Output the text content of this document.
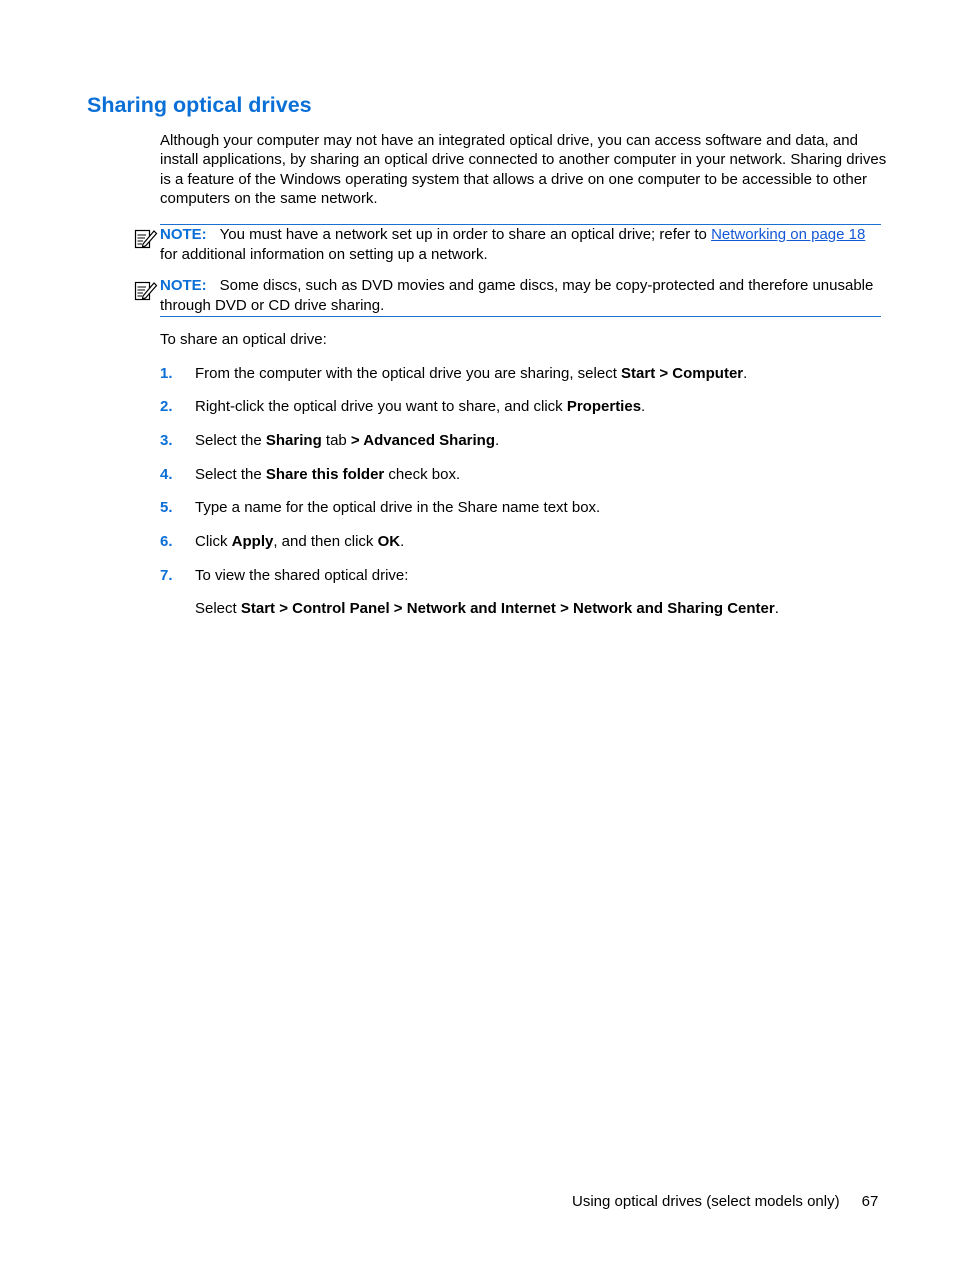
Sharing optical drives

Although your computer may not have an integrated optical drive, you can access software and data, and install applications, by sharing an optical drive connected to another computer in your network. Sharing drives is a feature of the Windows operating system that allows a drive on one computer to be accessible to other computers on the same network.

NOTE: You must have a network set up in order to share an optical drive; refer to Networking on page 18 for additional information on setting up a network.
NOTE: Some discs, such as DVD movies and game discs, may be copy-protected and therefore unusable through DVD or CD drive sharing.

To share an optical drive:

1. From the computer with the optical drive you are sharing, select Start > Computer.
2. Right-click the optical drive you want to share, and click Properties.
3. Select the Sharing tab > Advanced Sharing.
4. Select the Share this folder check box.
5. Type a name for the optical drive in the Share name text box.
6. Click Apply, and then click OK.
7. To view the shared optical drive:
Select Start > Control Panel > Network and Internet > Network and Sharing Center.
Using optical drives (select models only) 67
